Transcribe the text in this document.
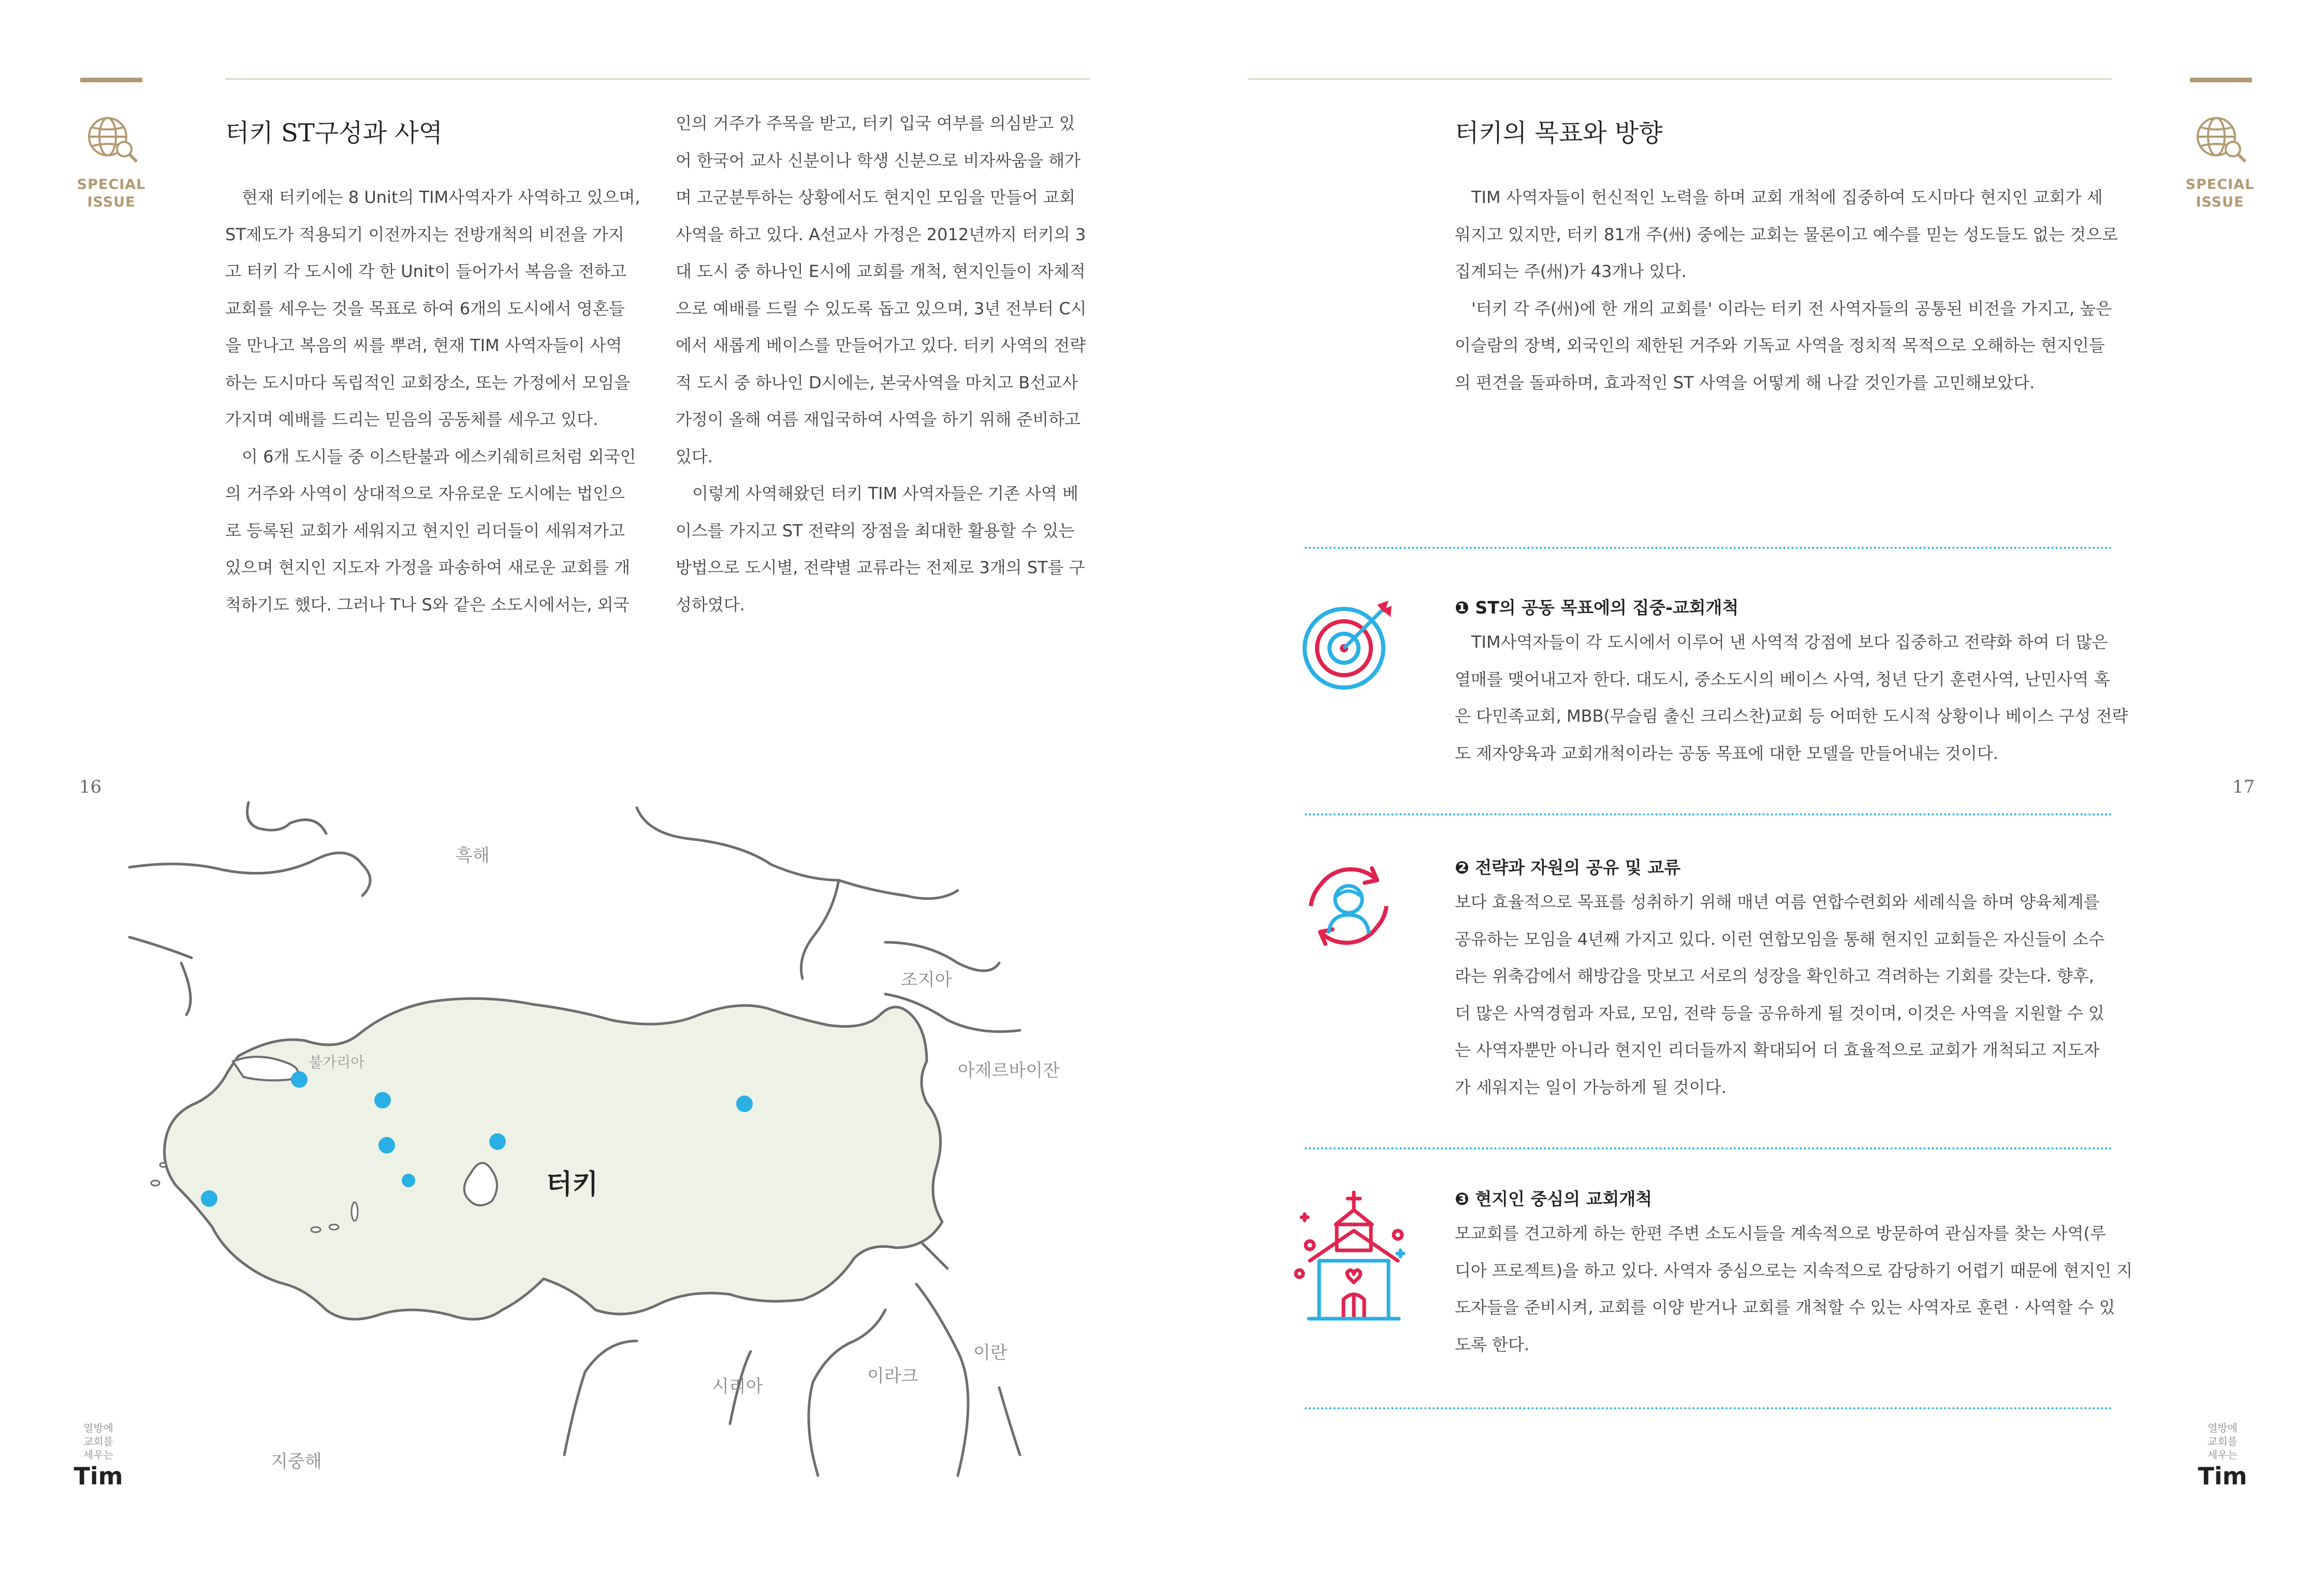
SPECIAL
ISSUE
16
열방에
교회를
세우는
Tim
터키 ST구성과 사역
　현재 터키에는 8 Unit의 TIM사역자가 사역하고 있으며,
ST제도가 적용되기 이전까지는 전방개척의 비전을 가지
고 터키 각 도시에 각 한 Unit이 들어가서 복음을 전하고
교회를 세우는 것을 목표로 하여 6개의 도시에서 영혼들
을 만나고 복음의 씨를 뿌려, 현재 TIM 사역자들이 사역
하는 도시마다 독립적인 교회장소, 또는 가정에서 모임을
가지며 예배를 드리는 믿음의 공동체를 세우고 있다.
　이 6개 도시들 중 이스탄불과 에스키쉐히르처럼 외국인
의 거주와 사역이 상대적으로 자유로운 도시에는 법인으
로 등록된 교회가 세워지고 현지인 리더들이 세워져가고
있으며 현지인 지도자 가정을 파송하여 새로운 교회를 개
척하기도 했다. 그러나 T나 S와 같은 소도시에서는, 외국
인의 거주가 주목을 받고, 터키 입국 여부를 의심받고 있
어 한국어 교사 신분이나 학생 신분으로 비자싸움을 해가
며 고군분투하는 상황에서도 현지인 모임을 만들어 교회
사역을 하고 있다. A선교사 가정은 2012년까지 터키의 3
대 도시 중 하나인 E시에 교회를 개척, 현지인들이 자체적
으로 예배를 드릴 수 있도록 돕고 있으며, 3년 전부터 C시
에서 새롭게 베이스를 만들어가고 있다. 터키 사역의 전략
적 도시 중 하나인 D시에는, 본국사역을 마치고 B선교사
가정이 올해 여름 재입국하여 사역을 하기 위해 준비하고
있다.
　이렇게 사역해왔던 터키 TIM 사역자들은 기존 사역 베
이스를 가지고 ST 전략의 장점을 최대한 활용할 수 있는
방법으로 도시별, 전략별 교류라는 전제로 3개의 ST를 구
성하였다.
흑해
불가리아
조지아
아제르바이잔
터키
이란
이라크
시리아
지중해
SPECIAL
ISSUE
17
열방에
교회를
세우는
Tim
터키의 목표와 방향
　TIM 사역자들이 헌신적인 노력을 하며 교회 개척에 집중하여 도시마다 현지인 교회가 세
워지고 있지만, 터키 81개 주(州) 중에는 교회는 물론이고 예수를 믿는 성도들도 없는 것으로
집계되는 주(州)가 43개나 있다.
　'터키 각 주(州)에 한 개의 교회를' 이라는 터키 전 사역자들의 공통된 비전을 가지고, 높은
이슬람의 장벽, 외국인의 제한된 거주와 기독교 사역을 정치적 목적으로 오해하는 현지인들
의 편견을 돌파하며, 효과적인 ST 사역을 어떻게 해 나갈 것인가를 고민해보았다.
❶ ST의 공동 목표에의 집중-교회개척
　TIM사역자들이 각 도시에서 이루어 낸 사역적 강점에 보다 집중하고 전략화 하여 더 많은
열매를 맺어내고자 한다. 대도시, 중소도시의 베이스 사역, 청년 단기 훈련사역, 난민사역 혹
은 다민족교회, MBB(무슬림 출신 크리스찬)교회 등 어떠한 도시적 상황이나 베이스 구성 전략
도 제자양육과 교회개척이라는 공동 목표에 대한 모델을 만들어내는 것이다.
❷ 전략과 자원의 공유 및 교류
보다 효율적으로 목표를 성취하기 위해 매년 여름 연합수련회와 세례식을 하며 양육체계를
공유하는 모임을 4년째 가지고 있다. 이런 연합모임을 통해 현지인 교회들은 자신들이 소수
라는 위축감에서 해방감을 맛보고 서로의 성장을 확인하고 격려하는 기회를 갖는다. 향후,
더 많은 사역경험과 자료, 모임, 전략 등을 공유하게 될 것이며, 이것은 사역을 지원할 수 있
는 사역자뿐만 아니라 현지인 리더들까지 확대되어 더 효율적으로 교회가 개척되고 지도자
가 세워지는 일이 가능하게 될 것이다.
❸ 현지인 중심의 교회개척
모교회를 견고하게 하는 한편 주변 소도시들을 계속적으로 방문하여 관심자를 찾는 사역(루
디아 프로젝트)을 하고 있다. 사역자 중심으로는 지속적으로 감당하기 어렵기 때문에 현지인 지
도자들을 준비시켜, 교회를 이양 받거나 교회를 개척할 수 있는 사역자로 훈련 · 사역할 수 있
도록 한다.
